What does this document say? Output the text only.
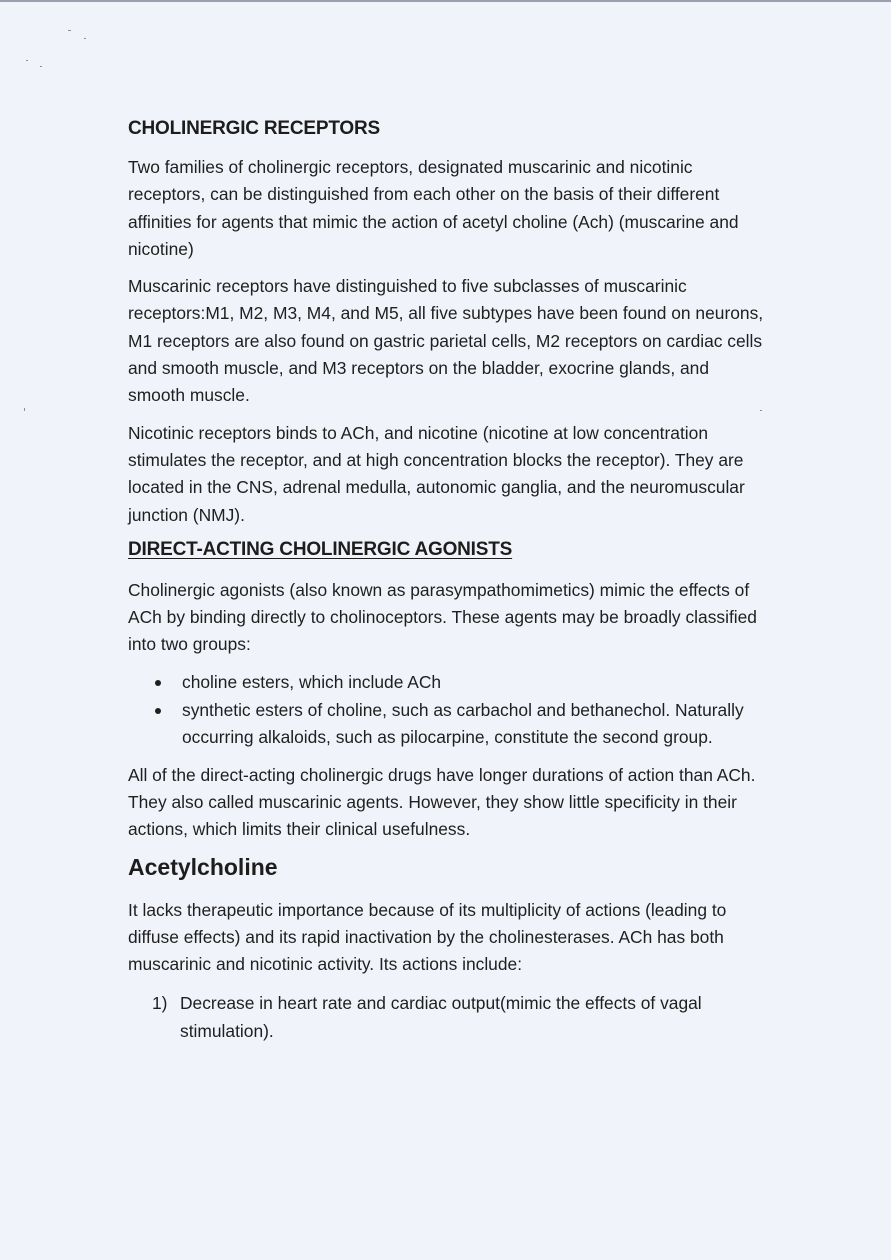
CHOLINERGIC RECEPTORS

Two families of cholinergic receptors, designated muscarinic and nicotinic receptors, can be distinguished from each other on the basis of their different affinities for agents that mimic the action of acetyl choline (Ach) (muscarine and nicotine)

Muscarinic receptors have distinguished to five subclasses of muscarinic receptors:M1, M2, M3, M4, and M5, all five subtypes have been found on neurons, M1 receptors are also found on gastric parietal cells, M2 receptors on cardiac cells and smooth muscle, and M3 receptors on the bladder, exocrine glands, and smooth muscle.

Nicotinic receptors binds to ACh, and nicotine (nicotine at low concentration stimulates the receptor, and at high concentration blocks the receptor). They are located in the CNS, adrenal medulla, autonomic ganglia, and the neuromuscular junction (NMJ).

DIRECT-ACTING CHOLINERGIC AGONISTS

Cholinergic agonists (also known as parasympathomimetics) mimic the effects of ACh by binding directly to cholinoceptors. These agents may be broadly classified into two groups:

choline esters, which include ACh
synthetic esters of choline, such as carbachol and bethanechol. Naturally occurring alkaloids, such as pilocarpine, constitute the second group.

All of the direct-acting cholinergic drugs have longer durations of action than ACh. They also called muscarinic agents. However, they show little specificity in their actions, which limits their clinical usefulness.

Acetylcholine

It lacks therapeutic importance because of its multiplicity of actions (leading to diffuse effects) and its rapid inactivation by the cholinesterases. ACh has both muscarinic and nicotinic activity. Its actions include:

1) Decrease in heart rate and cardiac output(mimic the effects of vagal stimulation).
